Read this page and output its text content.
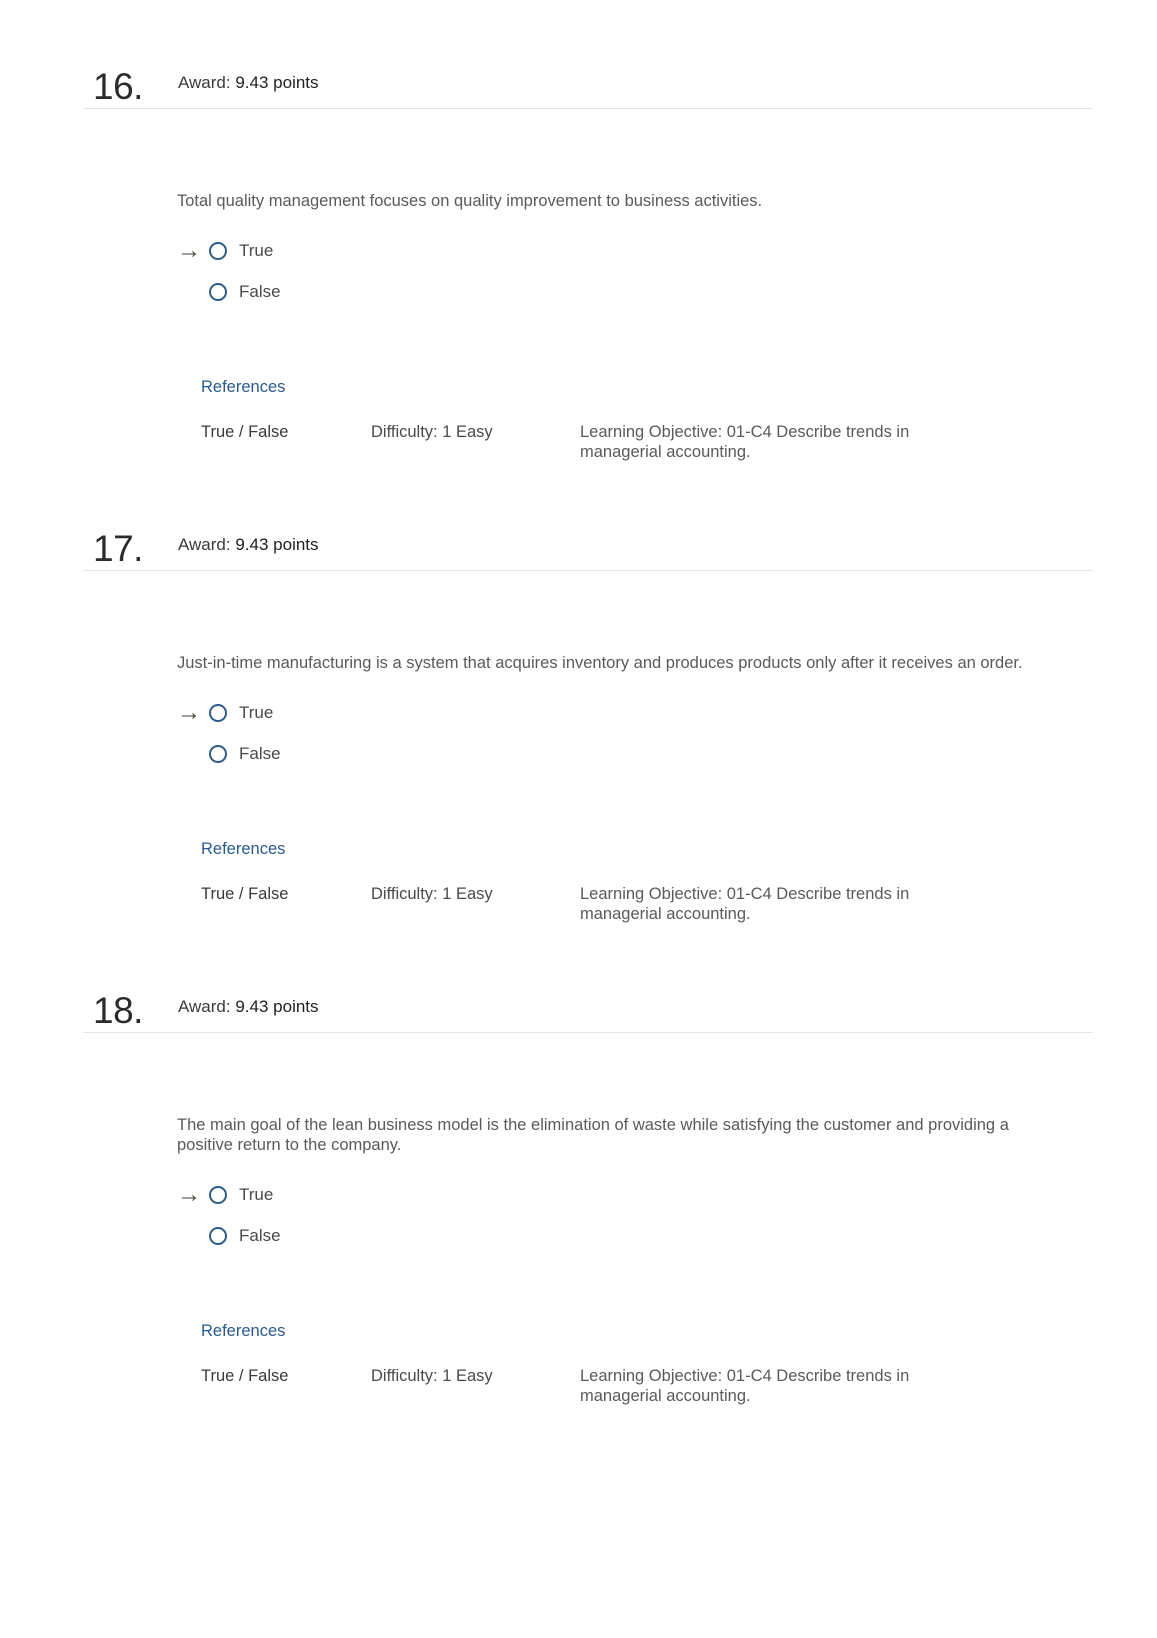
16. Award: 9.43 points
Total quality management focuses on quality improvement to business activities.
→	True
False
References
True / False	Difficulty: 1 Easy	Learning Objective: 01-C4 Describe trends in managerial accounting.
17. Award: 9.43 points
Just-in-time manufacturing is a system that acquires inventory and produces products only after it receives an order.
→	True
False
References
True / False	Difficulty: 1 Easy	Learning Objective: 01-C4 Describe trends in managerial accounting.
18. Award: 9.43 points
The main goal of the lean business model is the elimination of waste while satisfying the customer and providing a positive return to the company.
→	True
False
References
True / False	Difficulty: 1 Easy	Learning Objective: 01-C4 Describe trends in managerial accounting.
